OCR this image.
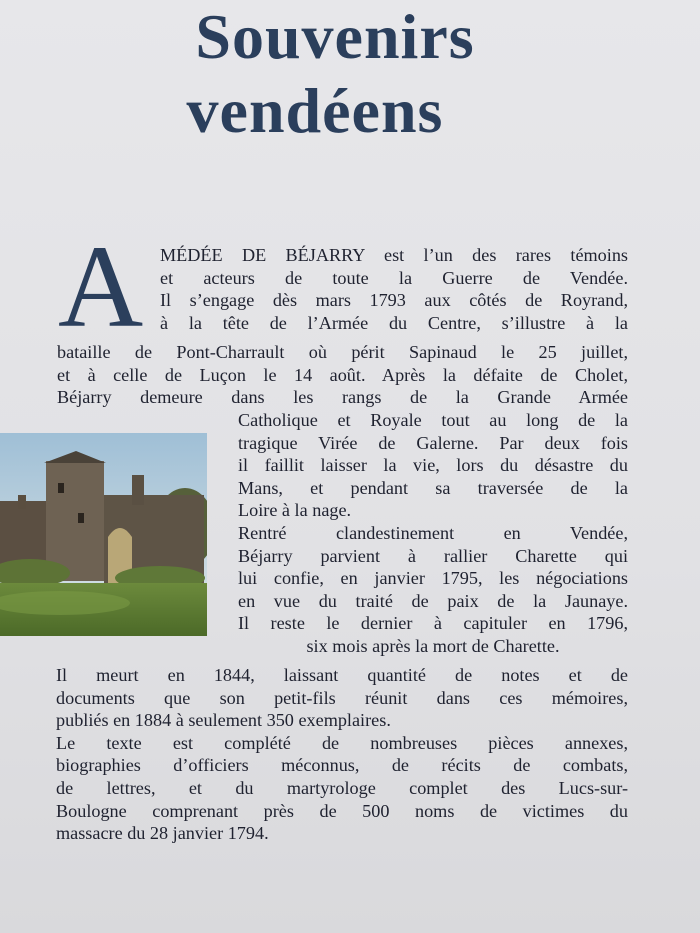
Souvenirs
vendéens
A MÉDÉE DE BÉJARRY est l’un des rares témoins
et acteurs de toute la Guerre de Vendée.
Il s’engage dès mars 1793 aux côtés de Royrand,
à la tête de l’Armée du Centre, s’illustre à la
bataille de Pont-Charrault où périt Sapinaud le 25 juillet,
et à celle de Luçon le 14 août. Après la défaite de Cholet,
Béjarry demeure dans les rangs de la Grande Armée
Catholique et Royale tout au long de la
tragique Virée de Galerne. Par deux fois
il faillit laisser la vie, lors du désastre du
Mans, et pendant sa traversée de la
Loire à la nage.
Rentré clandestinement en Vendée,
Béjarry parvient à rallier Charette qui
lui confie, en janvier 1795, les négociations
en vue du traité de paix de la Jaunaye.
Il reste le dernier à capituler en 1796,
six mois après la mort de Charette.
Il meurt en 1844, laissant quantité de notes et de
documents que son petit-fils réunit dans ces mémoires,
publiés en 1884 à seulement 350 exemplaires.
Le texte est complété de nombreuses pièces annexes,
biographies d’officiers méconnus, de récits de combats,
de lettres, et du martyrologe complet des Lucs-sur-
Boulogne comprenant près de 500 noms de victimes du
massacre du 28 janvier 1794.
